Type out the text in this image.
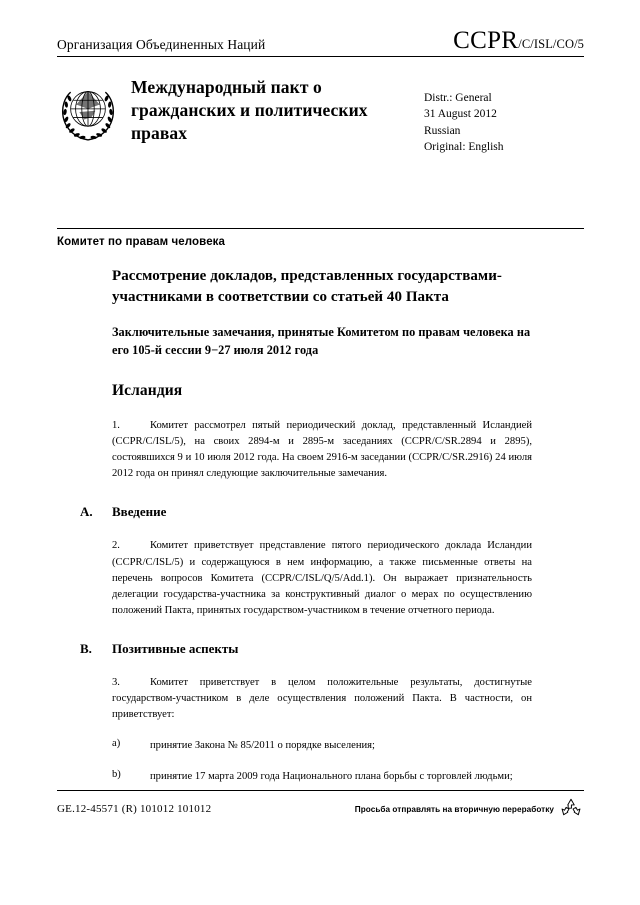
Организация Объединенных Наций	CCPR/C/ISL/CO/5
Международный пакт о гражданских и политических правах
Distr.: General
31 August 2012
Russian
Original: English
Комитет по правам человека
Рассмотрение докладов, представленных государствами-участниками в соответствии со статьей 40 Пакта
Заключительные замечания, принятые Комитетом по правам человека на его 105-й сессии 9−27 июля 2012 года
Исландия

1.	Комитет рассмотрел пятый периодический доклад, представленный Исландией (CCPR/C/ISL/5), на своих 2894-м и 2895-м заседаниях (CCPR/C/SR.2894 и 2895), состоявшихся 9 и 10 июля 2012 года. На своем 2916-м заседании (CCPR/C/SR.2916) 24 июля 2012 года он принял следующие заключительные замечания.

A. Введение

2.	Комитет приветствует представление пятого периодического доклада Исландии (CCPR/C/ISL/5) и содержащуюся в нем информацию, а также письменные ответы на перечень вопросов Комитета (CCPR/C/ISL/Q/5/Add.1). Он выражает признательность делегации государства-участника за конструктивный диалог о мерах по осуществлению положений Пакта, принятых государством-участником в течение отчетного периода.

B. Позитивные аспекты

3.	Комитет приветствует в целом положительные результаты, достигнутые государством-участником в деле осуществления положений Пакта. В частности, он приветствует:

a)	принятие Закона № 85/2011 о порядке выселения;

b)	принятие 17 марта 2009 года Национального плана борьбы с торговлей людьми;

GE.12-45571 (R) 101012 101012	Просьба отправлять на вторичную переработку
